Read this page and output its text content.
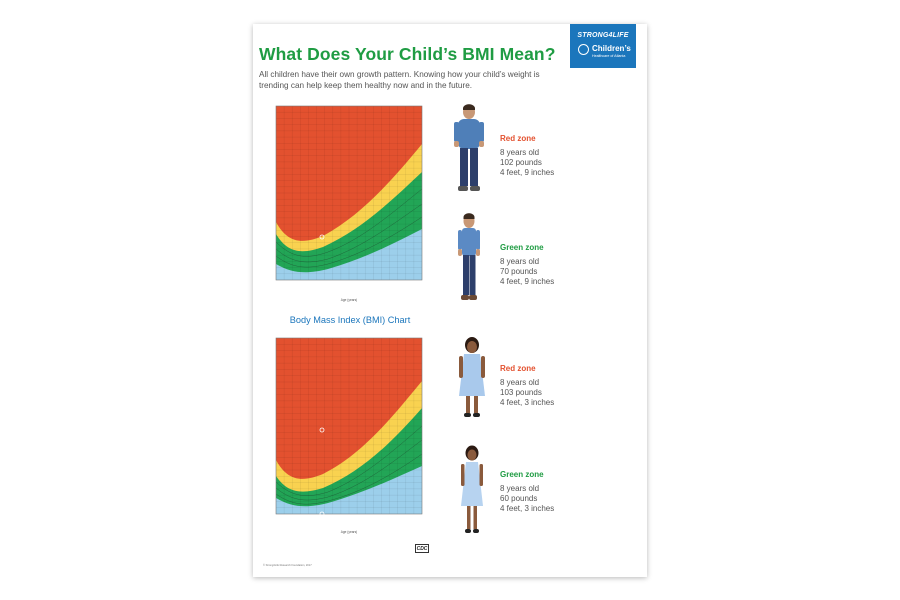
What Does Your Child’s BMI Mean?

All children have their own growth pattern. Knowing how your child’s weight is trending can help keep them healthy now and in the future.

STRONG4LIFE
Children’s
Healthcare of Atlanta
Age (years)

Body Mass Index (BMI) Chart

Age (years)
Red zone
8 years old
102 pounds
4 feet, 9 inches
Green zone
8 years old
70 pounds
4 feet, 9 inches
Red zone
8 years old
103 pounds
4 feet, 3 inches
Green zone
8 years old
60 pounds
4 feet, 3 inches
CDC
© Strong4Life Research Foundation, 2017
